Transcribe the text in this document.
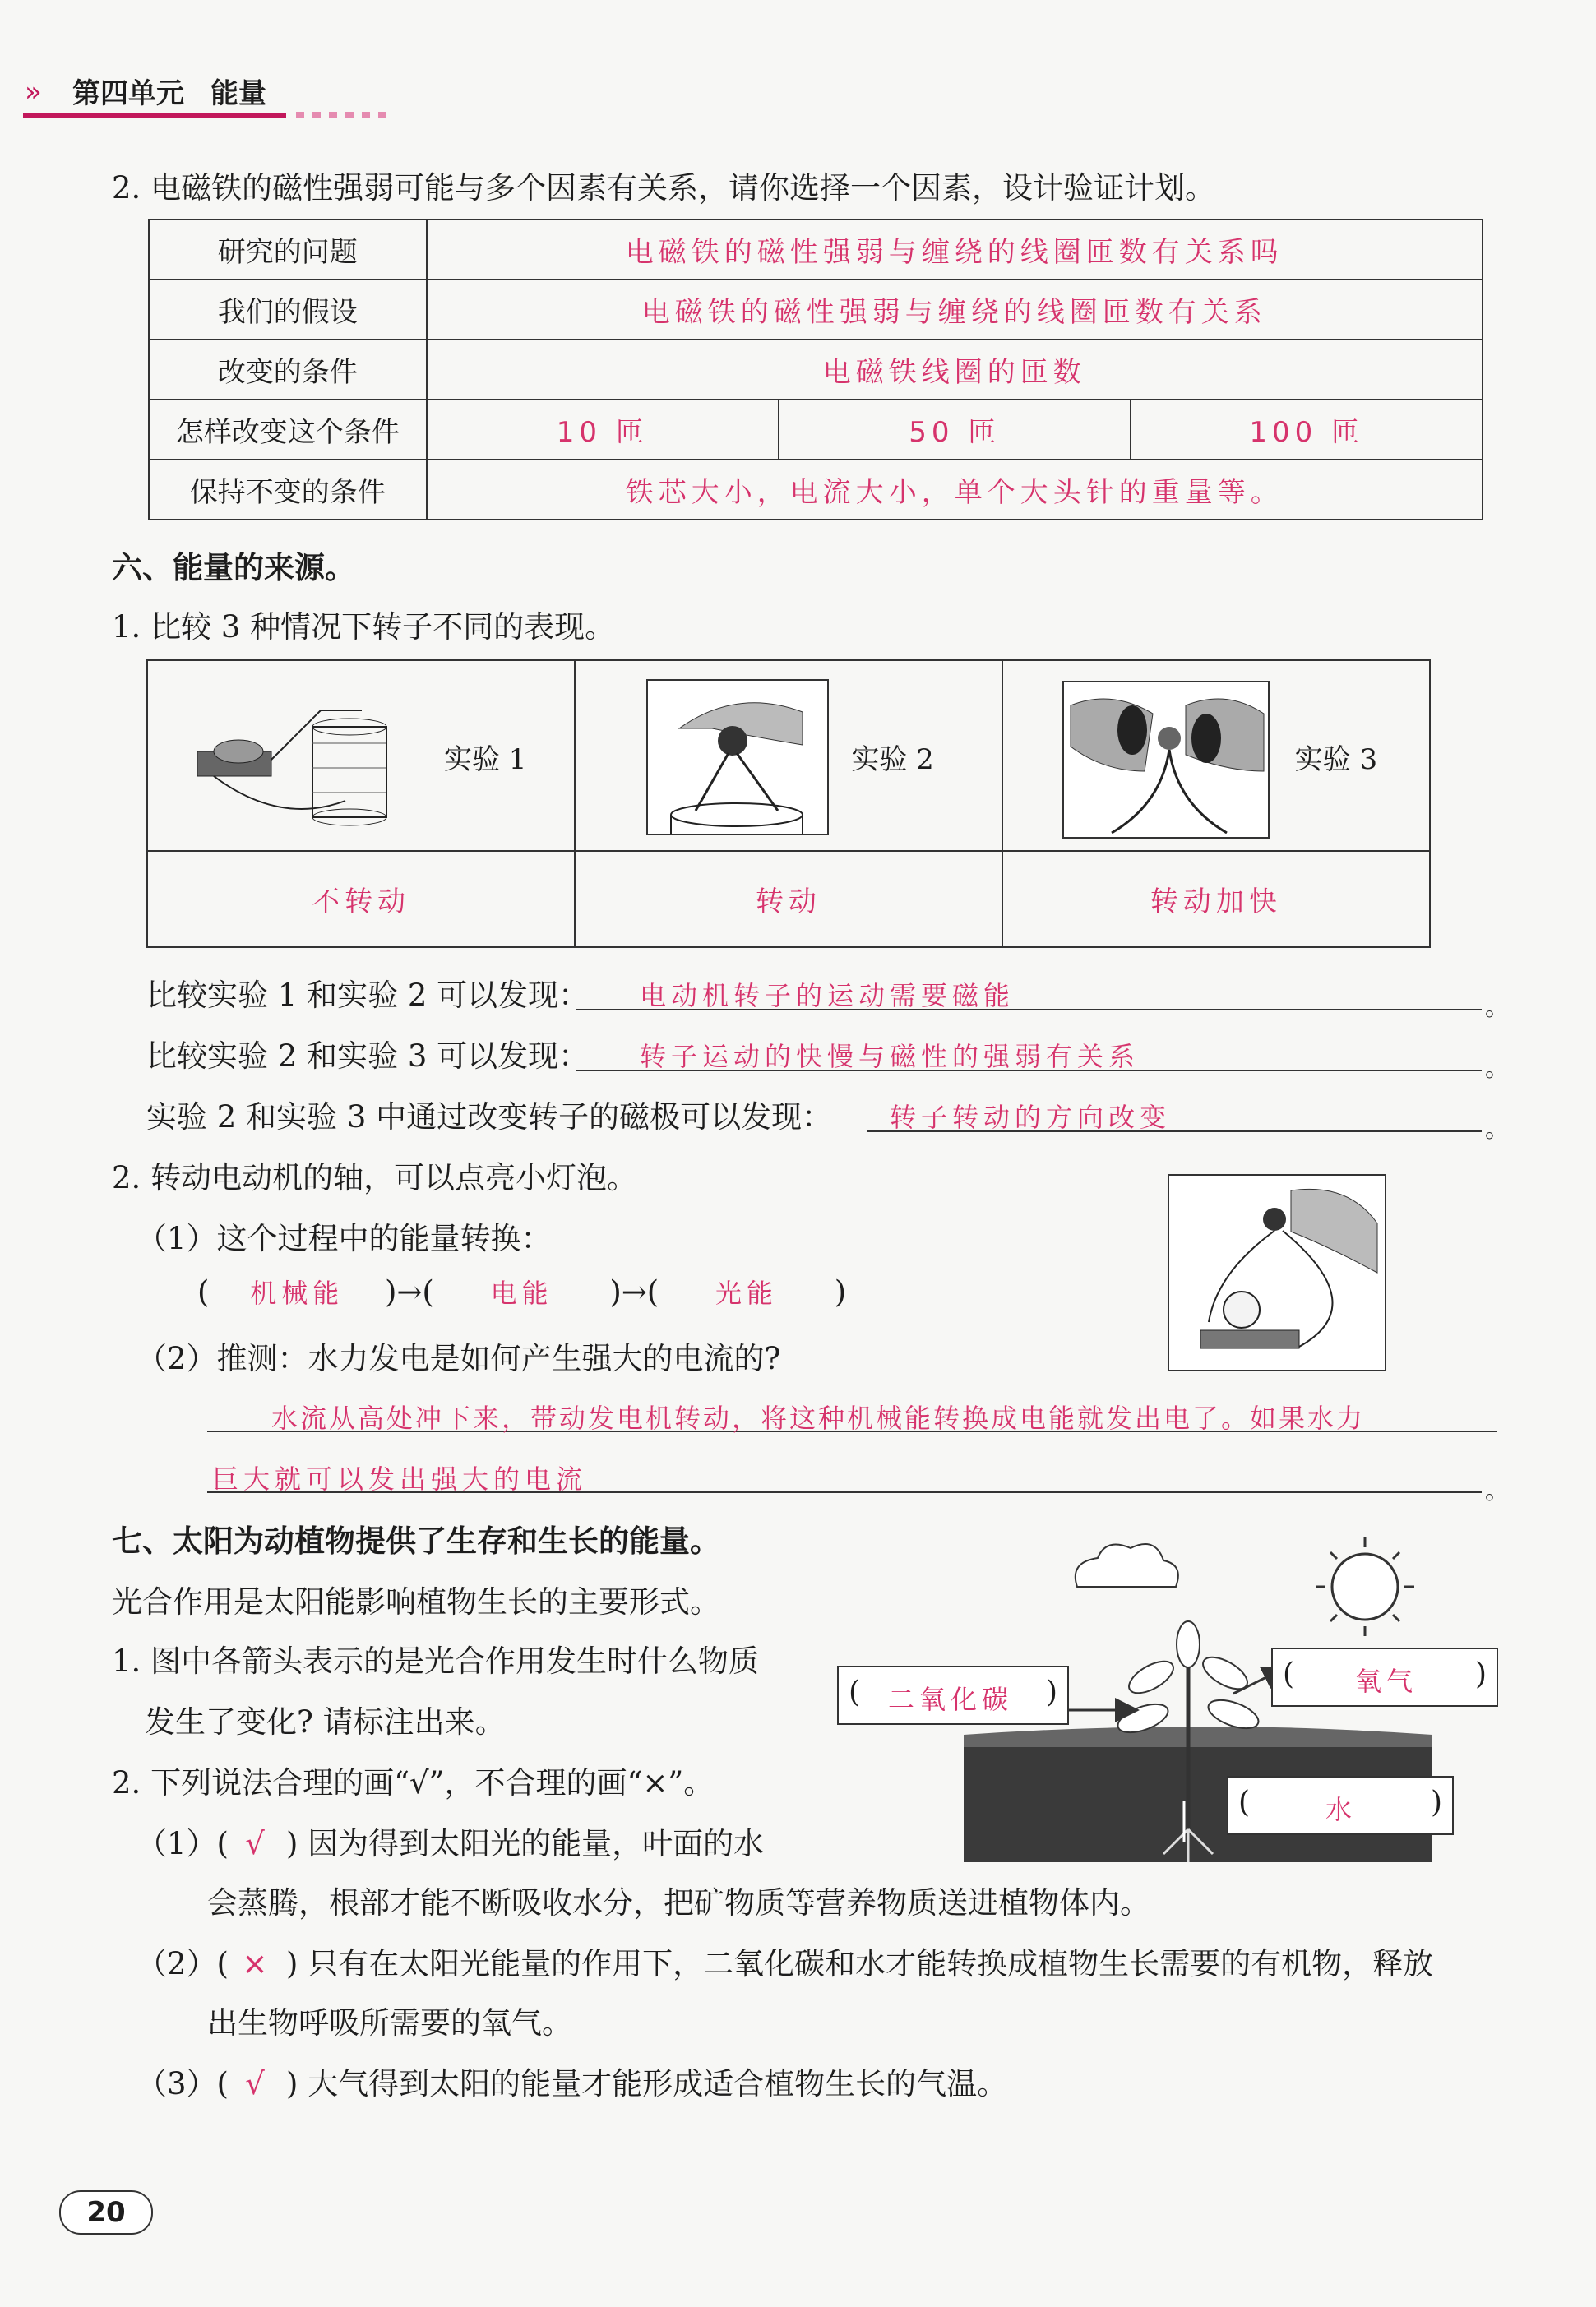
» 第四单元 能量
2. 电磁铁的磁性强弱可能与多个因素有关系，请你选择一个因素，设计验证计划。
研究的问题	电磁铁的磁性强弱与缠绕的线圈匝数有关系吗		
我们的假设	电磁铁的磁性强弱与缠绕的线圈匝数有关系		
改变的条件	电磁铁线圈的匝数		
怎样改变这个条件	10 匝	50 匝	100 匝
保持不变的条件	铁芯大小，电流大小，单个大头针的重量等。		
六、能量的来源。
1. 比较 3 种情况下转子不同的表现。
实验 1	实验 2	实验 3

不转动	转动	转动加快
比较实验 1 和实验 2 可以发现： 电动机转子的运动需要磁能	。
比较实验 2 和实验 3 可以发现： 转子运动的快慢与磁性的强弱有关系	。
实验 2 和实验 3 中通过改变转子的磁极可以发现： 转子转动的方向改变	。
2. 转动电动机的轴，可以点亮小灯泡。
（1）这个过程中的能量转换：
( 机械能 )→( 电能 )→( 光能 )
（2）推测：水力发电是如何产生强大的电流的?
水流从高处冲下来，带动发电机转动，将这种机械能转换成电能就发出电了。如果水力
巨大就可以发出强大的电流	。
七、太阳为动植物提供了生存和生长的能量。
光合作用是太阳能影响植物生长的主要形式。
1. 图中各箭头表示的是光合作用发生时什么物质
发生了变化? 请标注出来。
( 二氧化碳 )
( 氧气 )
(	水 )
2. 下列说法合理的画“√”，不合理的画“×”。
（1）( √ ) 因为得到太阳光的能量，叶面的水
会蒸腾，根部才能不断吸收水分，把矿物质等营养物质送进植物体内。
（2）( × ) 只有在太阳光能量的作用下，二氧化碳和水才能转换成植物生长需要的有机物，释放
出生物呼吸所需要的氧气。
（3）( √ ) 大气得到太阳的能量才能形成适合植物生长的气温。
20
